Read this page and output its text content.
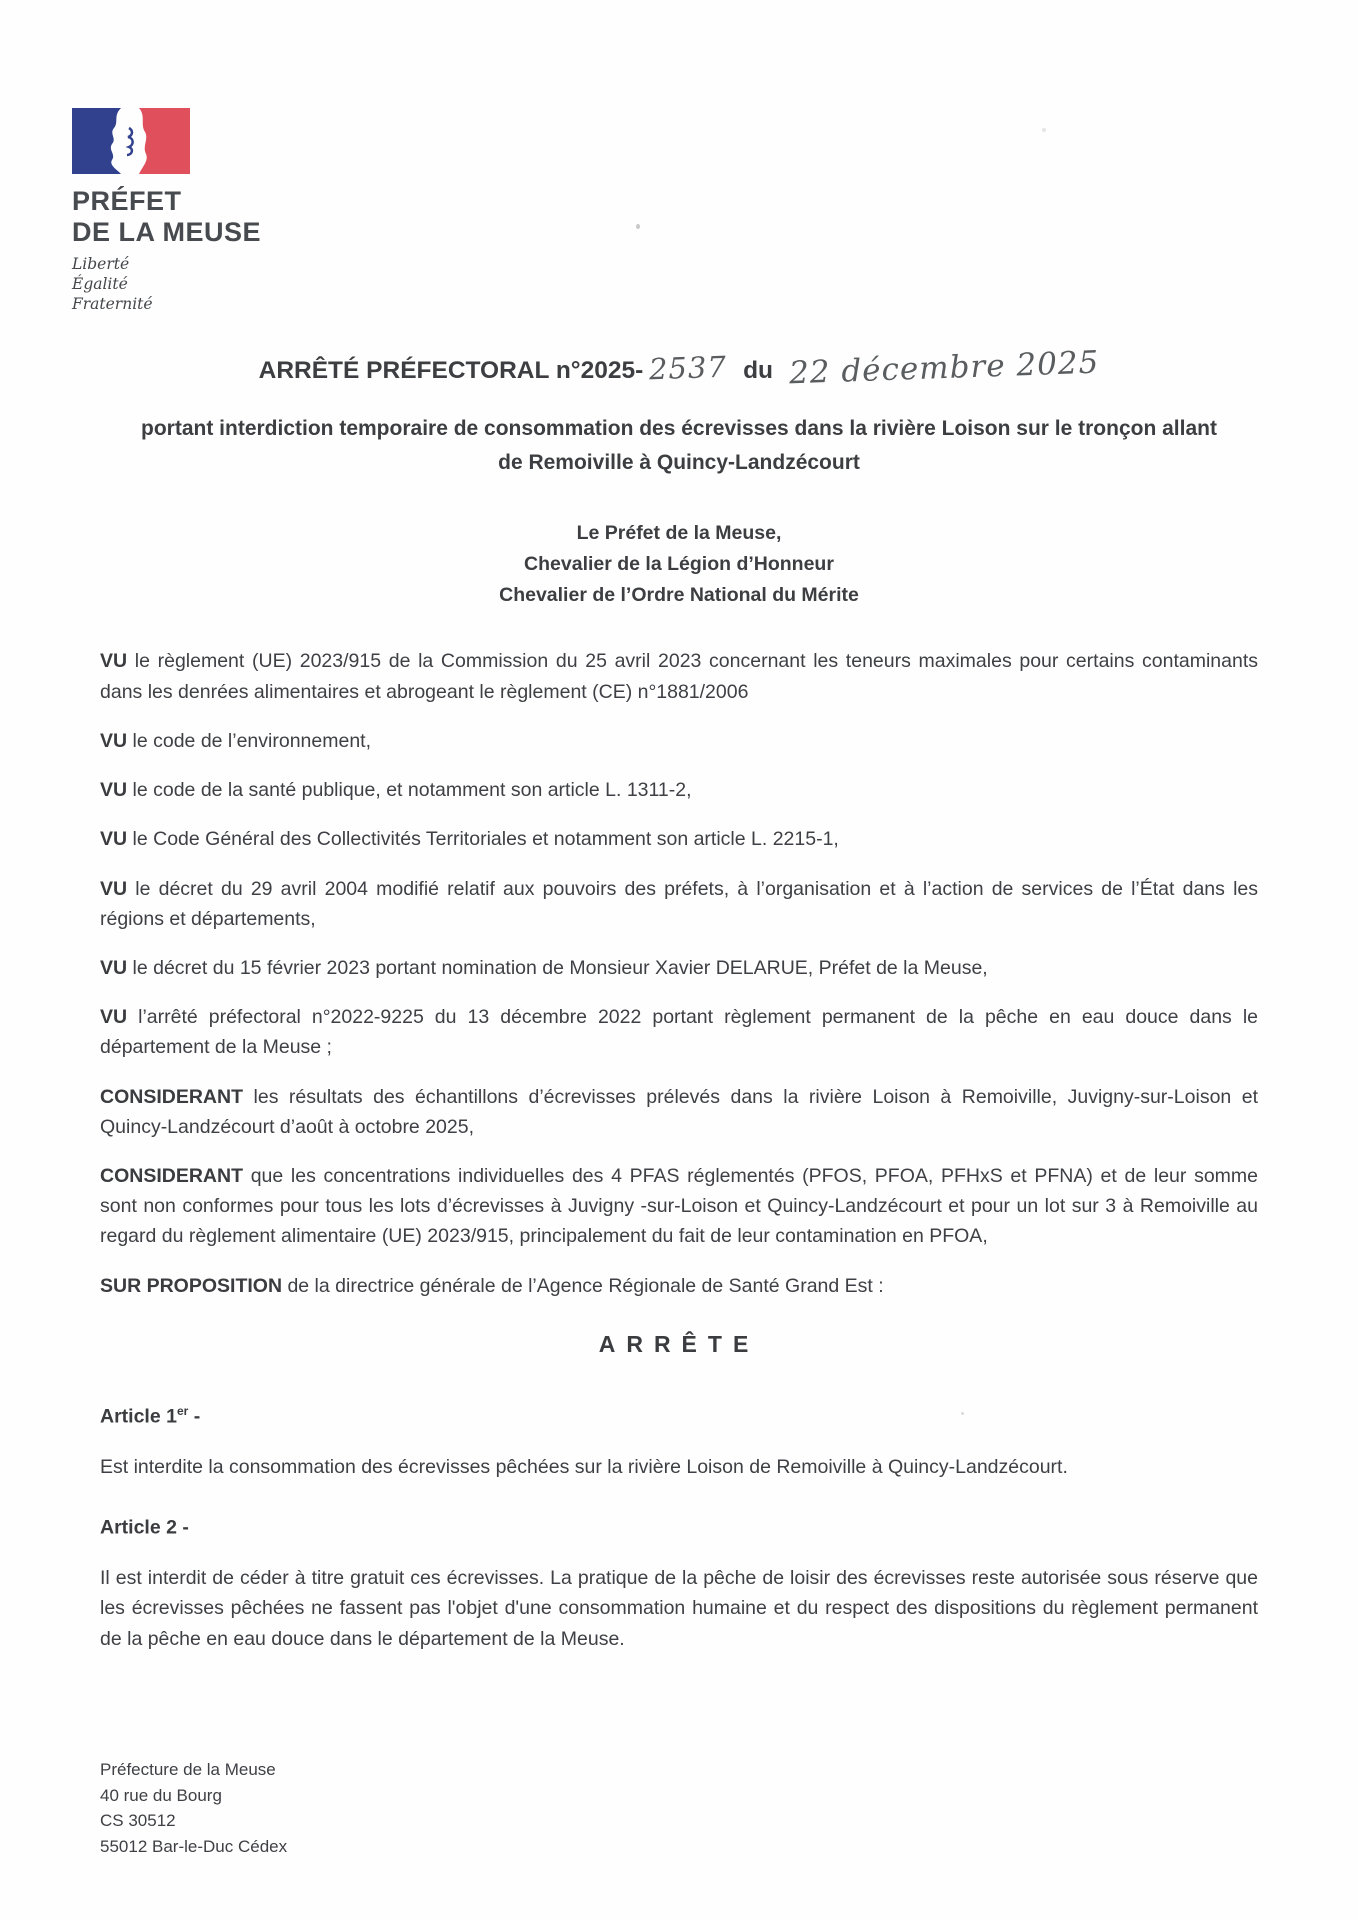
PRÉFET
DE LA MEUSE
Liberté
Égalité
Fraternité
ARRÊTÉ PRÉFECTORAL n°2025- 2537 du 22 décembre 2025
portant interdiction temporaire de consommation des écrevisses dans la rivière Loison sur le tronçon allant de Remoiville à Quincy-Landzécourt
Le Préfet de la Meuse,
Chevalier de la Légion d’Honneur
Chevalier de l’Ordre National du Mérite

VU le règlement (UE) 2023/915 de la Commission du 25 avril 2023 concernant les teneurs maximales pour certains contaminants dans les denrées alimentaires et abrogeant le règlement (CE) n°1881/2006

VU le code de l’environnement,

VU le code de la santé publique, et notamment son article L. 1311-2,

VU le Code Général des Collectivités Territoriales et notamment son article L. 2215-1,

VU le décret du 29 avril 2004 modifié relatif aux pouvoirs des préfets, à l’organisation et à l’action de services de l’État dans les régions et départements,

VU le décret du 15 février 2023 portant nomination de Monsieur Xavier DELARUE, Préfet de la Meuse,

VU l’arrêté préfectoral n°2022-9225 du 13 décembre 2022 portant règlement permanent de la pêche en eau douce dans le département de la Meuse ;

CONSIDERANT les résultats des échantillons d’écrevisses prélevés dans la rivière Loison à Remoiville, Juvigny-sur-Loison et Quincy-Landzécourt d’août à octobre 2025,

CONSIDERANT que les concentrations individuelles des 4 PFAS réglementés (PFOS, PFOA, PFHxS et PFNA) et de leur somme sont non conformes pour tous les lots d’écrevisses à Juvigny -sur-Loison et Quincy-Landzécourt et pour un lot sur 3 à Remoiville au regard du règlement alimentaire (UE) 2023/915, principalement du fait de leur contamination en PFOA,

SUR PROPOSITION de la directrice générale de l’Agence Régionale de Santé Grand Est :

ARRÊTE
Article 1er -

Est interdite la consommation des écrevisses pêchées sur la rivière Loison de Remoiville à Quincy-Landzécourt.

Article 2 -

Il est interdit de céder à titre gratuit ces écrevisses. La pratique de la pêche de loisir des écrevisses reste autorisée sous réserve que les écrevisses pêchées ne fassent pas l'objet d'une consommation humaine et du respect des dispositions du règlement permanent de la pêche en eau douce dans le département de la Meuse.

Préfecture de la Meuse
40 rue du Bourg
CS 30512
55012 Bar-le-Duc Cédex
